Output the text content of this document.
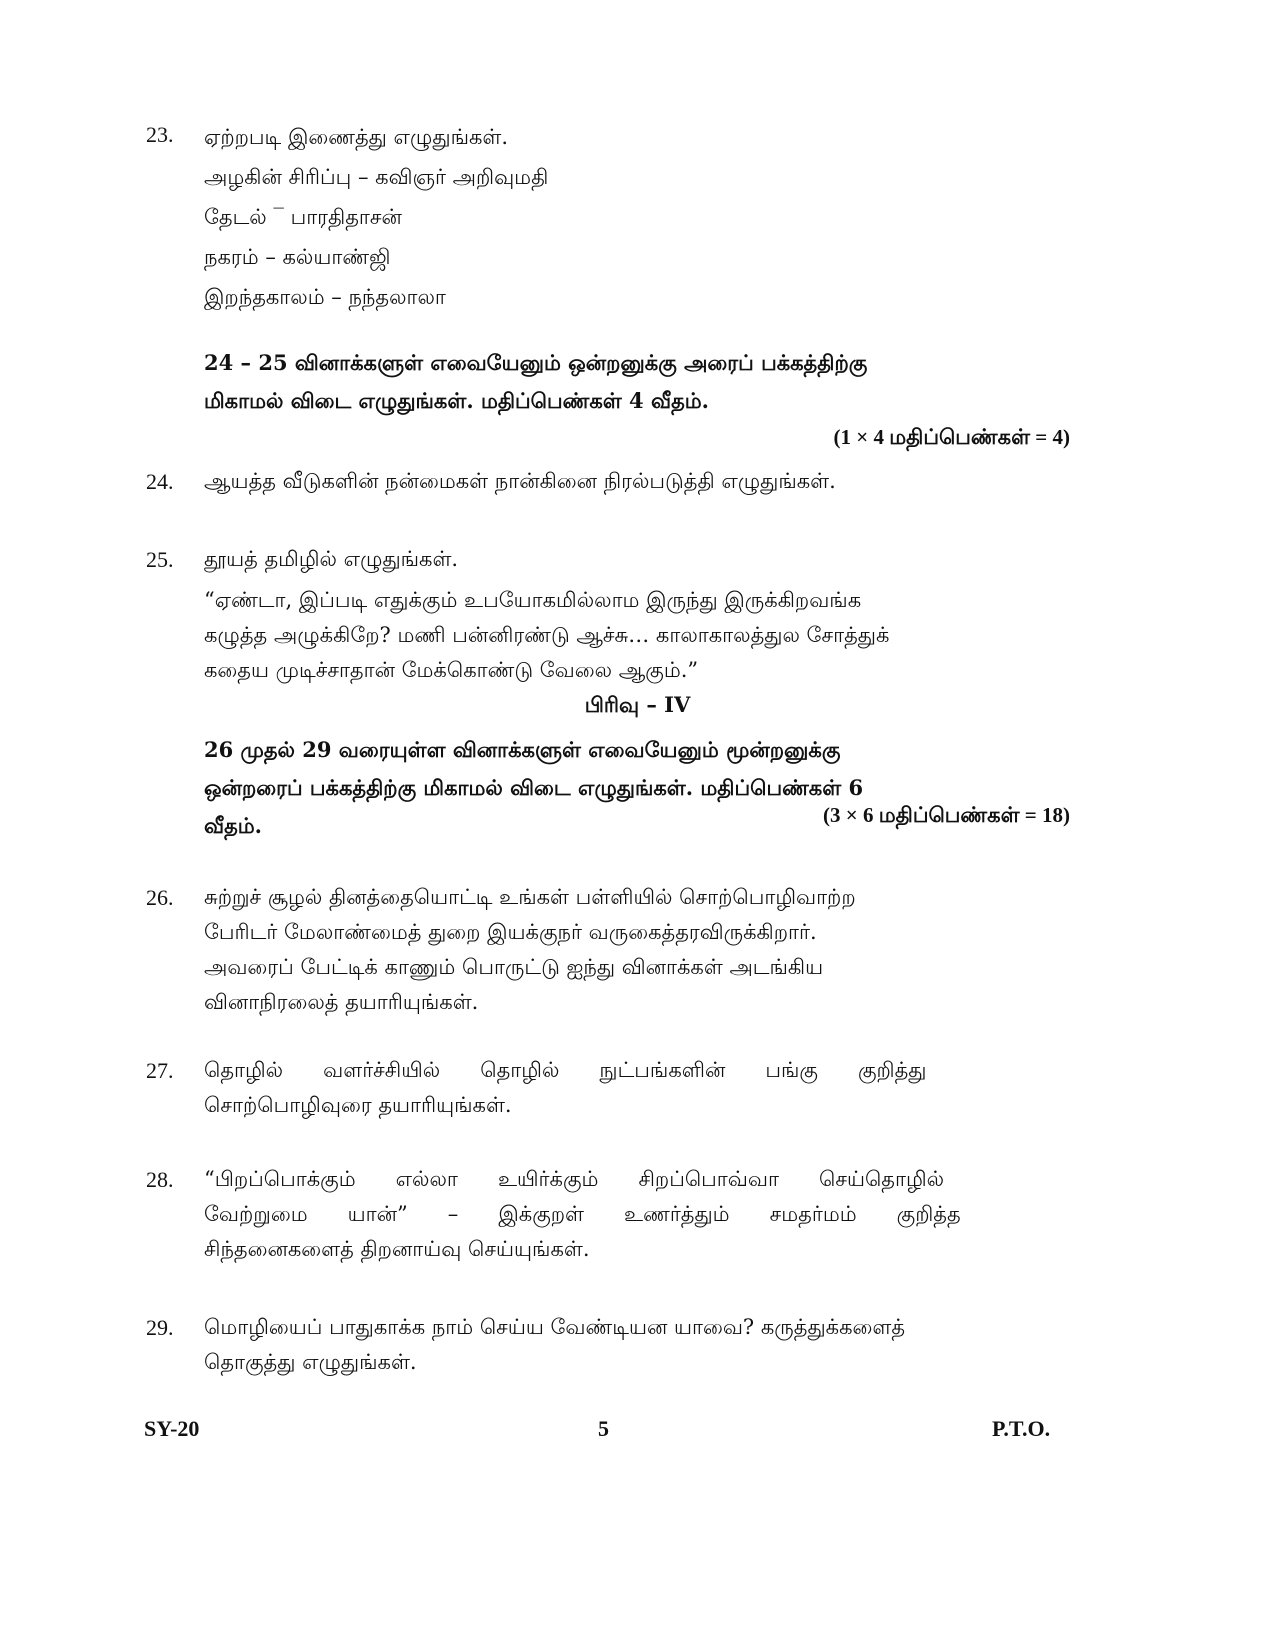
23. ஏற்றபடி இணைத்து எழுதுங்கள்.
அழகின் சிரிப்பு – கவிஞர் அறிவுமதி
தேடல் ‾ பாரதிதாசன்
நகரம் – கல்யாண்ஜி
இறந்தகாலம் – நந்தலாலா
24 – 25 வினாக்களுள் எவையேனும் ஒன்றனுக்கு அரைப் பக்கத்திற்கு
மிகாமல் விடை எழுதுங்கள். மதிப்பெண்கள் 4 வீதம்.
(1 × 4 மதிப்பெண்கள் = 4)
24. ஆயத்த வீடுகளின் நன்மைகள் நான்கினை நிரல்படுத்தி எழுதுங்கள்.
25. தூயத் தமிழில் எழுதுங்கள்.
“ஏண்டா, இப்படி எதுக்கும் உபயோகமில்லாம இருந்து இருக்கிறவங்க
கழுத்த அழுக்கிறே? மணி பன்னிரண்டு ஆச்சு… காலாகாலத்துல சோத்துக்
கதைய முடிச்சாதான் மேக்கொண்டு வேலை ஆகும்.”
பிரிவு – IV
26 முதல் 29 வரையுள்ள வினாக்களுள் எவையேனும் மூன்றனுக்கு
ஒன்றரைப் பக்கத்திற்கு மிகாமல் விடை எழுதுங்கள். மதிப்பெண்கள் 6
வீதம்.	(3 × 6 மதிப்பெண்கள் = 18)
26. சுற்றுச் சூழல் தினத்தையொட்டி உங்கள் பள்ளியில் சொற்பொழிவாற்ற
பேரிடர் மேலாண்மைத் துறை இயக்குநர் வருகைத்தரவிருக்கிறார்.
அவரைப் பேட்டிக் காணும் பொருட்டு ஐந்து வினாக்கள் அடங்கிய
வினாநிரலைத் தயாரியுங்கள்.
27. தொழில்      வளர்ச்சியில்      தொழில்      நுட்பங்களின்      பங்கு      குறித்து
சொற்பொழிவுரை தயாரியுங்கள்.
28. “பிறப்பொக்கும்      எல்லா      உயிர்க்கும்      சிறப்பொவ்வா      செய்தொழில்
வேற்றுமை      யான்”      –      இக்குறள்      உணர்த்தும்      சமதர்மம்      குறித்த
சிந்தனைகளைத் திறனாய்வு செய்யுங்கள்.
29. மொழியைப் பாதுகாக்க நாம் செய்ய வேண்டியன யாவை? கருத்துக்களைத்
தொகுத்து எழுதுங்கள்.
SY-20	5	P.T.O.
